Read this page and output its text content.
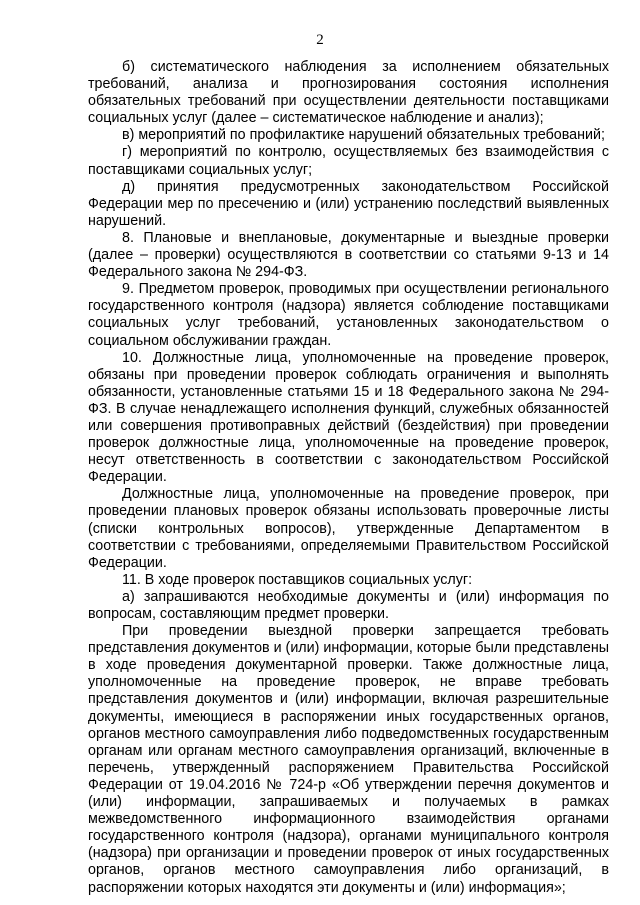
2

б) систематического наблюдения за исполнением обязательных требований, анализа и прогнозирования состояния исполнения обязательных требований при осуществлении деятельности поставщиками социальных услуг (далее – систематическое наблюдение и анализ);

в) мероприятий по профилактике нарушений обязательных требований;

г) мероприятий по контролю, осуществляемых без взаимодействия с поставщиками социальных услуг;

д) принятия предусмотренных законодательством Российской Федерации мер по пресечению и (или) устранению последствий выявленных нарушений.

8. Плановые и внеплановые, документарные и выездные проверки (далее – проверки) осуществляются в соответствии со статьями 9-13 и 14 Федерального закона № 294-ФЗ.

9. Предметом проверок, проводимых при осуществлении регионального государственного контроля (надзора) является соблюдение поставщиками социальных услуг требований, установленных законодательством о социальном обслуживании граждан.

10. Должностные лица, уполномоченные на проведение проверок, обязаны при проведении проверок соблюдать ограничения и выполнять обязанности, установленные статьями 15 и 18 Федерального закона № 294-ФЗ. В случае ненадлежащего исполнения функций, служебных обязанностей или совершения противоправных действий (бездействия) при проведении проверок должностные лица, уполномоченные на проведение проверок, несут ответственность в соответствии с законодательством Российской Федерации.

Должностные лица, уполномоченные на проведение проверок, при проведении плановых проверок обязаны использовать проверочные листы (списки контрольных вопросов), утвержденные Департаментом в соответствии с требованиями, определяемыми Правительством Российской Федерации.

11. В ходе проверок поставщиков социальных услуг:

а) запрашиваются необходимые документы и (или) информация по вопросам, составляющим предмет проверки.

При проведении выездной проверки запрещается требовать представления документов и (или) информации, которые были представлены в ходе проведения документарной проверки. Также должностные лица, уполномоченные на проведение проверок, не вправе требовать представления документов и (или) информации, включая разрешительные документы, имеющиеся в распоряжении иных государственных органов, органов местного самоуправления либо подведомственных государственным органам или органам местного самоуправления организаций, включенные в перечень, утвержденный распоряжением Правительства Российской Федерации от 19.04.2016 № 724-р «Об утверждении перечня документов и (или) информации, запрашиваемых и получаемых в рамках межведомственного информационного взаимодействия органами государственного контроля (надзора), органами муниципального контроля (надзора) при организации и проведении проверок от иных государственных органов, органов местного самоуправления либо организаций, в распоряжении которых находятся эти документы и (или) информация»;
